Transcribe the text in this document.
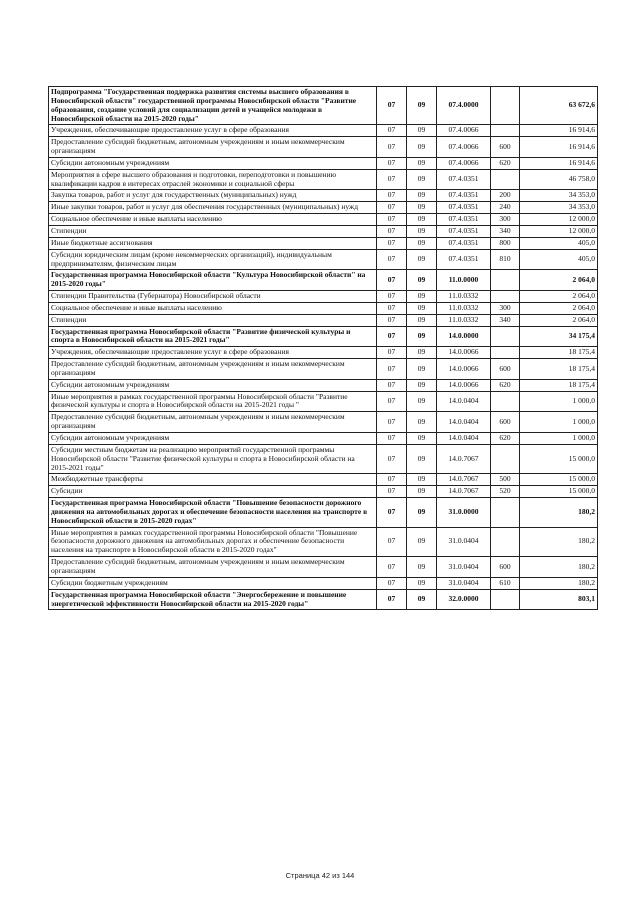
Подпрограмма "Государственная поддержка развития системы высшего образования в Новосибирской области" государственной программы Новосибирской области "Развитие образования, создание условий для социализации детей и учащейся молодежи в Новосибирской области на 2015-2020 годы"	07	09	07.4.0000		63 672,6
Учреждения, обеспечивающие предоставление услуг в сфере образования	07	09	07.4.0066		16 914,6
Предоставление субсидий бюджетным, автономным учреждениям и иным некоммерческим организациям	07	09	07.4.0066	600	16 914,6
Субсидии автономным учреждениям	07	09	07.4.0066	620	16 914,6
Мероприятия в сфере высшего образования и подготовки, переподготовки и повышению квалификации кадров в интересах отраслей экономики и социальной сферы	07	09	07.4.0351		46 758,0
Закупка товаров, работ и услуг для государственных (муниципальных) нужд	07	09	07.4.0351	200	34 353,0
Иные закупки товаров, работ и услуг для обеспечения государственных (муниципальных) нужд	07	09	07.4.0351	240	34 353,0
Социальное обеспечение и иные выплаты населению	07	09	07.4.0351	300	12 000,0
Стипендии	07	09	07.4.0351	340	12 000,0
Иные бюджетные ассигнования	07	09	07.4.0351	800	405,0
Субсидии юридическим лицам (кроме некоммерческих организаций), индивидуальным предпринимателям, физическим лицам	07	09	07.4.0351	810	405,0
Государственная программа Новосибирской области "Культура Новосибирской области" на 2015-2020 годы"	07	09	11.0.0000		2 064,0
Стипендии Правительства (Губернатора) Новосибирской области	07	09	11.0.0332		2 064,0
Социальное обеспечение и иные выплаты населению	07	09	11.0.0332	300	2 064,0
Стипендии	07	09	11.0.0332	340	2 064,0
Государственная программа Новосибирской области "Развитие физической культуры и спорта в Новосибирской области на 2015-2021 годы"	07	09	14.0.0000		34 175,4
Учреждения, обеспечивающие предоставление услуг в сфере образования	07	09	14.0.0066		18 175,4
Предоставление субсидий бюджетным, автономным учреждениям и иным некоммерческим организациям	07	09	14.0.0066	600	18 175,4
Субсидии автономным учреждениям	07	09	14.0.0066	620	18 175,4
Иные мероприятия в рамках государственной программы Новосибирской области "Развитие физической культуры и спорта в Новосибирской области на 2015-2021 годы "	07	09	14.0.0404		1 000,0
Предоставление субсидий бюджетным, автономным учреждениям и иным некоммерческим организациям	07	09	14.0.0404	600	1 000,0
Субсидии автономным учреждениям	07	09	14.0.0404	620	1 000,0
Субсидии местным бюджетам на реализацию мероприятий государственной программы Новосибирской области "Развитие физической культуры и спорта в Новосибирской области на 2015-2021 годы"	07	09	14.0.7067		15 000,0
Межбюджетные трансферты	07	09	14.0.7067	500	15 000,0
Субсидии	07	09	14.0.7067	520	15 000,0
Государственная программа Новосибирской области "Повышение безопасности дорожного движения на автомобильных дорогах и обеспечение безопасности населения на транспорте в Новосибирской области в 2015-2020 годах"	07	09	31.0.0000		180,2
Иные мероприятия в рамках государственной программы Новосибирской области "Повышение безопасности дорожного движения на автомобильных дорогах и обеспечение безопасности населения на транспорте в Новосибирской области в 2015-2020 годах"	07	09	31.0.0404		180,2
Предоставление субсидий бюджетным, автономным учреждениям и иным некоммерческим организациям	07	09	31.0.0404	600	180,2
Субсидии бюджетным учреждениям	07	09	31.0.0404	610	180,2
Государственная программа Новосибирской области "Энергосбережение и повышение энергетической эффективности Новосибирской области на 2015-2020 годы"	07	09	32.0.0000		803,1
Страница 42 из 144
